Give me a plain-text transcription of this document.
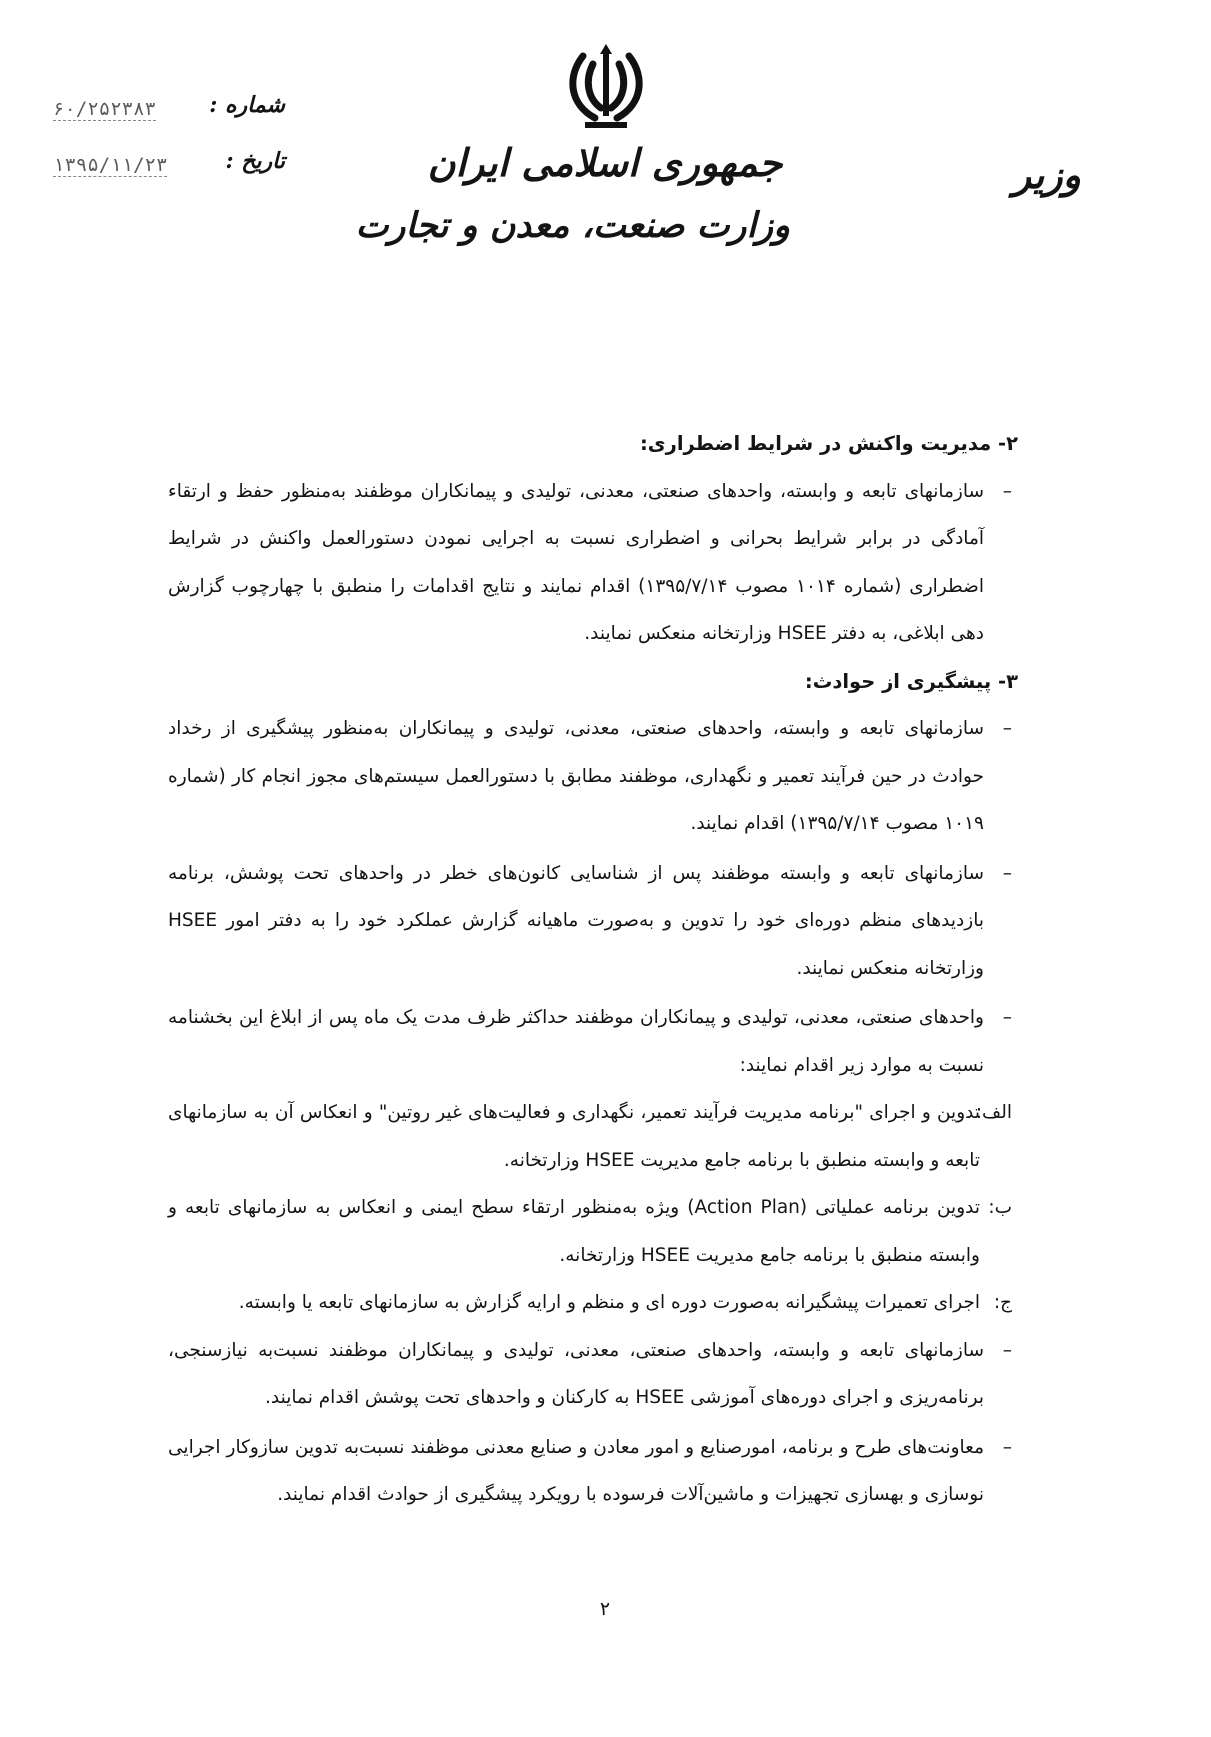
جمهوری اسلامی ایران
وزارت صنعت، معدن و تجارت
وزیر
شماره :
۶۰/۲۵۲۳۸۳
تاریخ :
۱۳۹۵/۱۱/۲۳

۲- مدیریت واکنش در شرایط اضطراری:

–
سازمانهای تابعه و وابسته، واحدهای صنعتی، معدنی، تولیدی و پیمانکاران موظفند به‌منظور حفظ و ارتقاء آمادگی در برابر شرایط بحرانی و اضطراری نسبت به اجرایی نمودن دستورالعمل واکنش در شرایط اضطراری (شماره ۱۰۱۴ مصوب ۱۳۹۵/۷/۱۴) اقدام نمایند و نتایج اقدامات را منطبق با چهارچوب گزارش دهی ابلاغی، به دفتر HSEE وزارتخانه منعکس نمایند.

۳- پیشگیری از حوادث:

–
سازمانهای تابعه و وابسته، واحدهای صنعتی، معدنی، تولیدی و پیمانکاران به‌منظور پیشگیری از رخداد حوادث در حین فرآیند تعمیر و نگهداری، موظفند مطابق با دستورالعمل سیستم‌های مجوز انجام کار (شماره ۱۰۱۹ مصوب ۱۳۹۵/۷/۱۴) اقدام نمایند.

–
سازمانهای تابعه و وابسته موظفند پس از شناسایی کانون‌های خطر در واحدهای تحت پوشش، برنامه بازدیدهای منظم دوره‌ای خود را تدوین و به‌صورت ماهیانه گزارش عملکرد خود را به دفتر امور HSEE وزارتخانه منعکس نمایند.

–
واحدهای صنعتی، معدنی، تولیدی و پیمانکاران موظفند حداکثر ظرف مدت یک ماه پس از ابلاغ این بخشنامه نسبت به موارد زیر اقدام نمایند:

الف:
تدوین و اجرای "برنامه مدیریت فرآیند تعمیر، نگهداری و فعالیت‌های غیر روتین" و انعکاس آن به سازمانهای تابعه و وابسته منطبق با برنامه جامع مدیریت HSEE وزارتخانه.

ب:
تدوین برنامه عملیاتی (Action Plan) ویژه به‌منظور ارتقاء سطح ایمنی و انعکاس به سازمانهای تابعه و وابسته منطبق با برنامه جامع مدیریت HSEE وزارتخانه.

ج:
اجرای تعمیرات پیشگیرانه به‌صورت دوره ای و منظم و ارایه گزارش به سازمانهای تابعه یا وابسته.

–
سازمانهای تابعه و وابسته، واحدهای صنعتی، معدنی، تولیدی و پیمانکاران موظفند نسبت‌به نیازسنجی، برنامه‌ریزی و اجرای دوره‌های آموزشی HSEE به کارکنان و واحدهای تحت پوشش اقدام نمایند.

–
معاونت‌های طرح و برنامه، امورصنایع و امور معادن و صنایع معدنی موظفند نسبت‌به تدوین سازوکار اجرایی نوسازی و بهسازی تجهیزات و ماشین‌آلات فرسوده با رویکرد پیشگیری از حوادث اقدام نمایند.

۲
